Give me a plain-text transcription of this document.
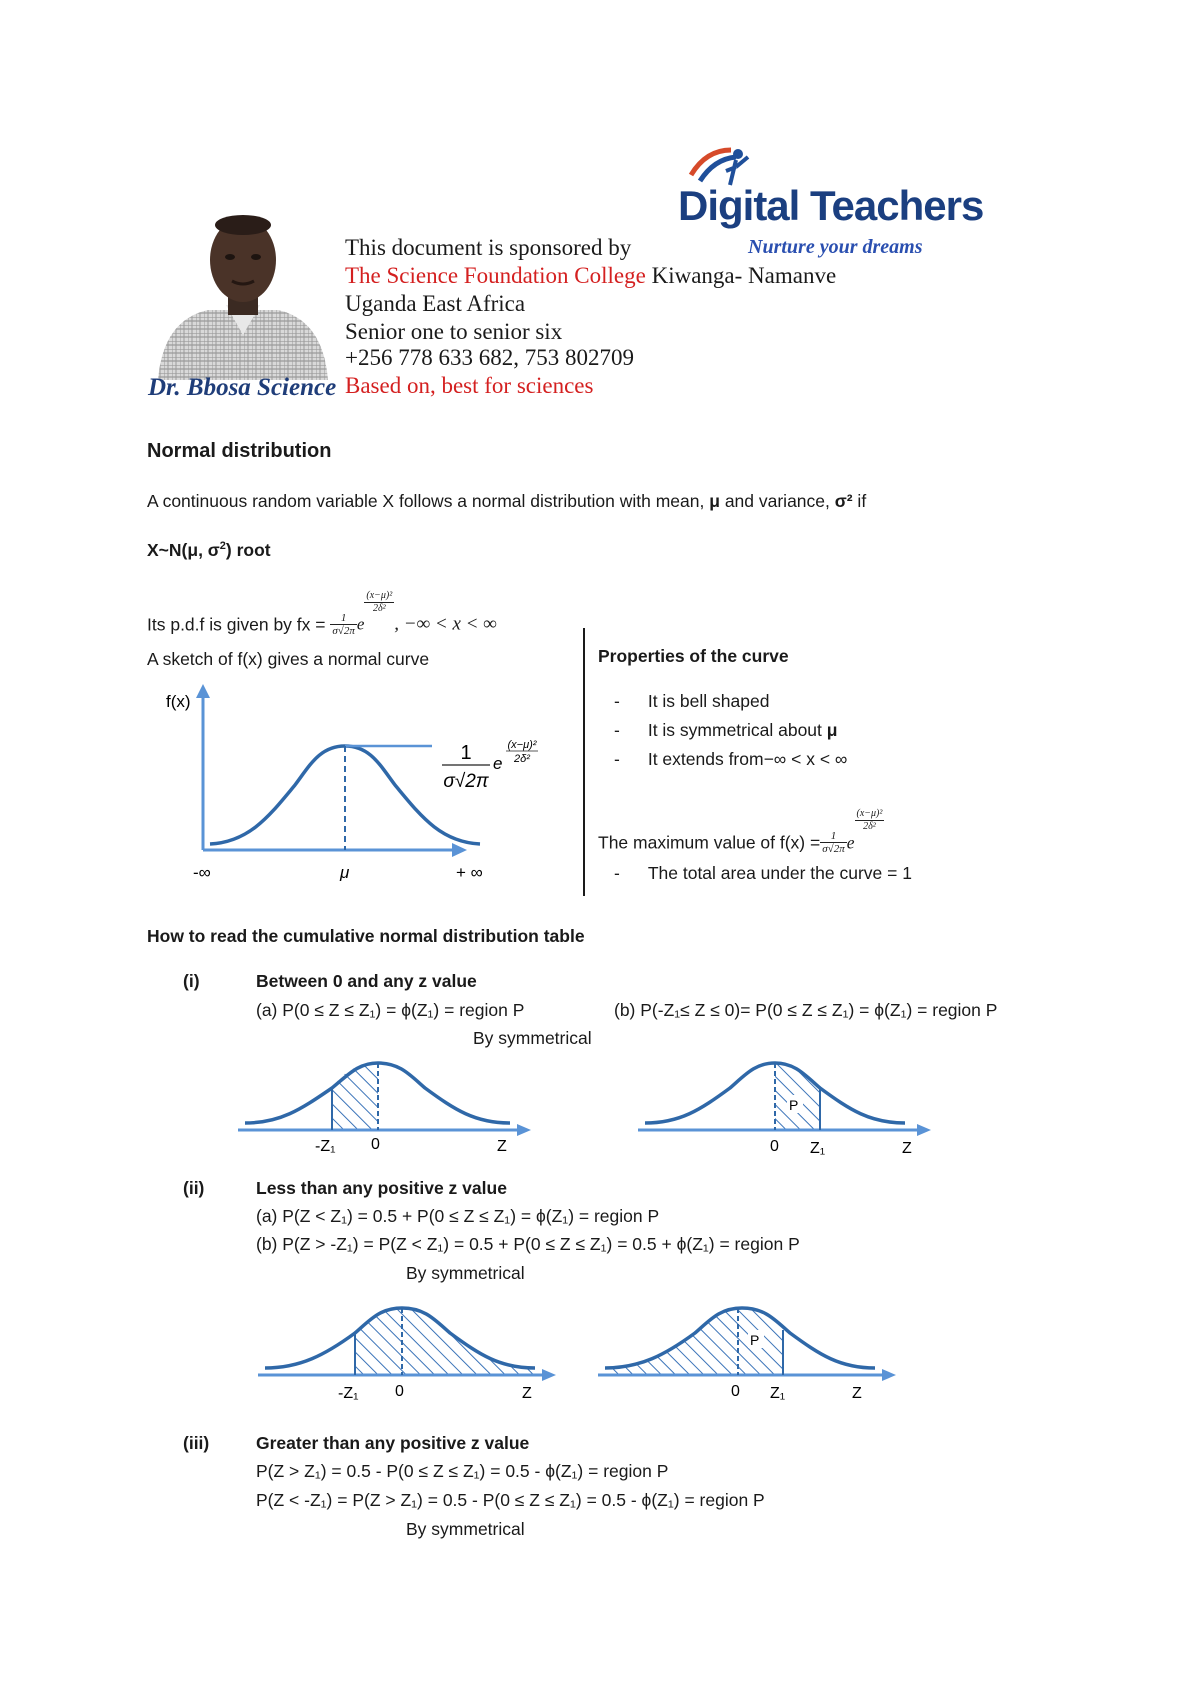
Dr. Bbosa Science
Digital Teachers
Nurture your dreams
This document is sponsored by
The Science Foundation College Kiwanga- Namanve
Uganda East Africa
Senior one to senior six
+256 778 633 682, 753 802709
Based on, best for sciences
Normal distribution
A continuous random variable X follows a normal distribution with mean, μ and variance, σ² if
X~N(μ, $\sigma^2$) root
Its p.d.f is given by fx = $\frac{1}{\sigma√2\pi}$ e
$\frac{\text{(x−μ)²}}{\text{2δ²}}$
, −∞ < x < ∞
A sketch of f(x) gives a normal curve
f(x)
-∞	μ	+ ∞
1
σ√2π
e
(x−μ)²
2δ²
Properties of the curve
- It is bell shaped
- It is symmetrical about μ
- It extends from−∞ < x < ∞
The maximum value of $f(x) = \frac{1}{\sigma√2\pi}$ e
$\frac{\text{(x−μ)²}}{\text{2δ²}}$
- The total area under the curve = 1
How to read the cumulative normal distribution table
(i)	Between 0 and any z value
(a) P(0 ≤ Z ≤ Z₁) = ϕ(Z₁) = region P	(b) P(-Z₁≤ Z ≤ 0)= P(0 ≤ Z ≤ Z₁) = ϕ(Z₁) = region P
By symmetrical
-Z₁ 0	Z
P
0 Z₁	Z
(ii)	Less than any positive z value
(a) P(Z < Z₁) = 0.5 + P(0 ≤ Z ≤ Z₁) = ϕ(Z₁) = region P
(b) P(Z > -Z₁) = P(Z < Z₁) = 0.5 + P(0 ≤ Z ≤ Z₁) = 0.5 + ϕ(Z₁) = region P
By symmetrical
-Z₁ 0	Z
P
0 Z₁	Z
(iii)	Greater than any positive z value
P(Z > Z₁) = 0.5 - P(0 ≤ Z ≤ Z₁) = 0.5 - ϕ(Z₁) = region P
P(Z < -Z₁) = P(Z > Z₁) = 0.5 - P(0 ≤ Z ≤ Z₁) = 0.5 - ϕ(Z₁) = region P
By symmetrical
